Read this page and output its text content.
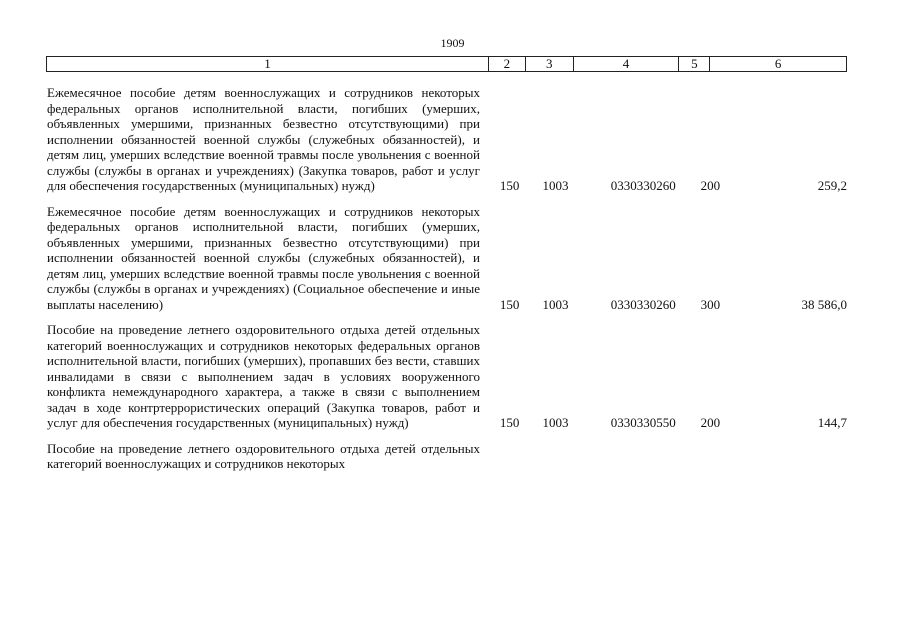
1909
1	2	3	4	5	6
Ежемесячное пособие детям военнослужащих и сотрудников некоторых федеральных органов исполнительной власти, погибших (умерших, объявленных умершими, признанных безвестно отсутствующими) при исполнении обязанностей военной службы (служебных обязанностей), и детям лиц, умерших вследствие военной травмы после увольнения с военной службы (службы в органах и учреждениях) (Закупка товаров, работ и услуг для обеспечения государственных (муниципальных) нужд)	150	1003	0330330260	200	259,2
Ежемесячное пособие детям военнослужащих и сотрудников некоторых федеральных органов исполнительной власти, погибших (умерших, объявленных умершими, признанных безвестно отсутствующими) при исполнении обязанностей военной службы (служебных обязанностей), и детям лиц, умерших вследствие военной травмы после увольнения с военной службы (службы в органах и учреждениях) (Социальное обеспечение и иные выплаты населению)	150	1003	0330330260	300	38 586,0
Пособие на проведение летнего оздоровительного отдыха детей отдельных категорий военнослужащих и сотрудников некоторых федеральных органов исполнительной власти, погибших (умерших), пропавших без вести, ставших инвалидами в связи с выполнением задач в условиях вооруженного конфликта немеждународного характера, а также в связи с выполнением задач в ходе контртеррористических операций (Закупка товаров, работ и услуг для обеспечения государственных (муниципальных) нужд)	150	1003	0330330550	200	144,7
Пособие на проведение летнего оздоровительного отдыха детей отдельных категорий военнослужащих и сотрудников некоторых
